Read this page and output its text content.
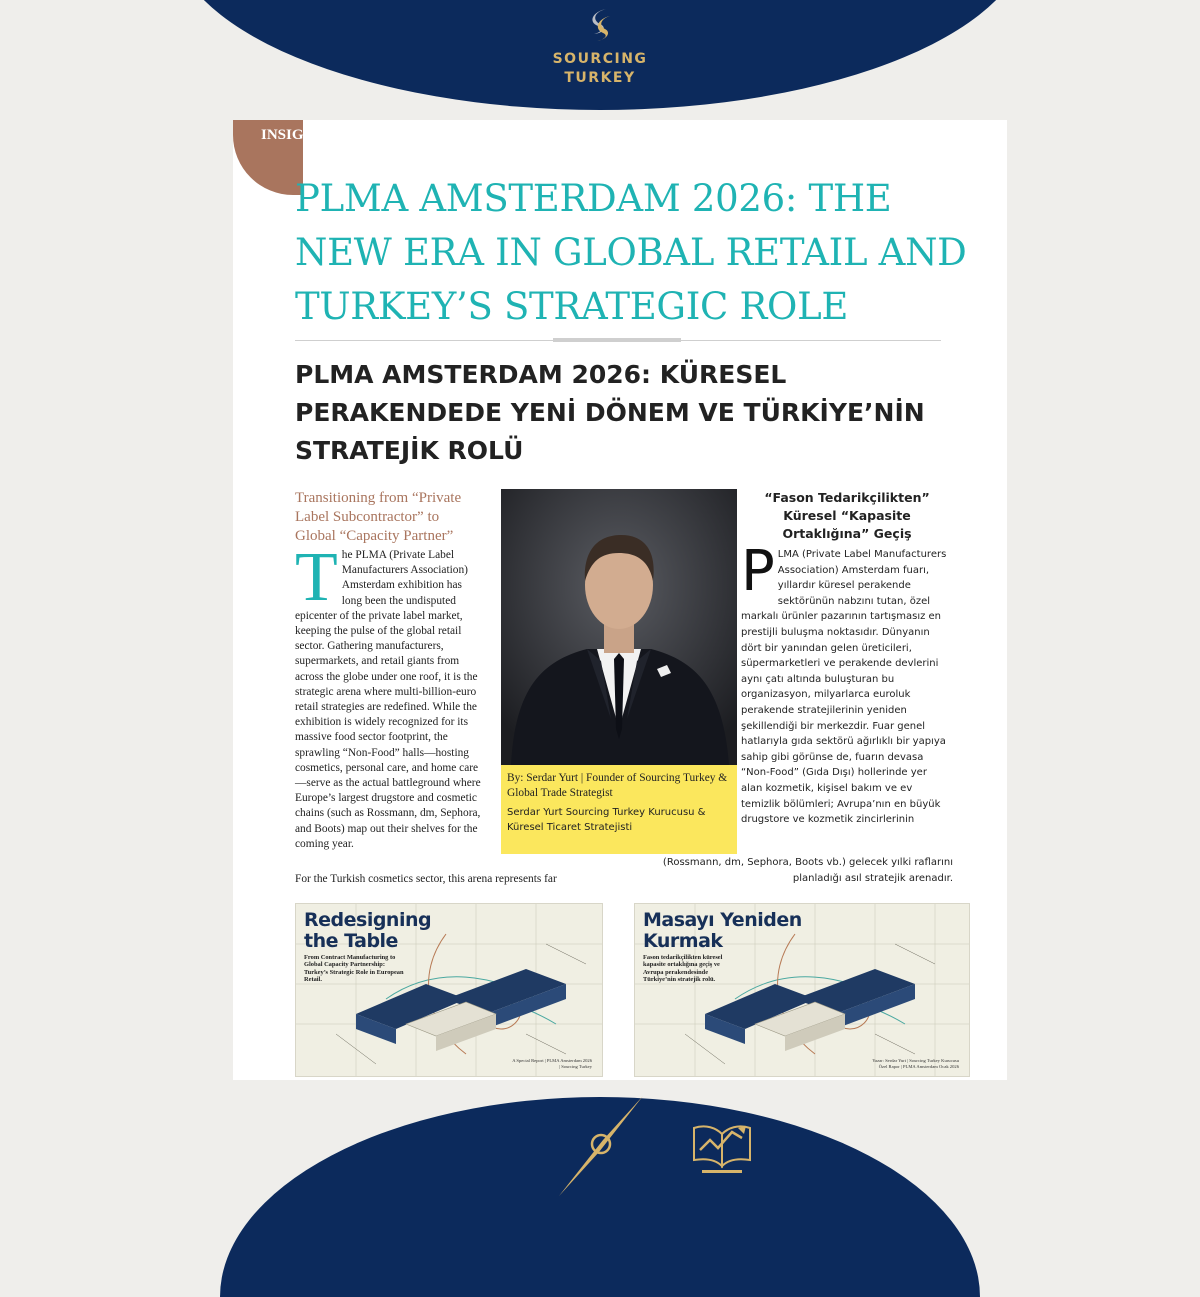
SOURCING
TURKEY
INSIGHTS
PLMA AMSTERDAM 2026: THE NEW ERA IN GLOBAL RETAIL AND TURKEY’S STRATEGIC ROLE
PLMA AMSTERDAM 2026: KÜRESEL PERAKENDEDE YENİ DÖNEM VE TÜRKİYE’NİN STRATEJİK ROLÜ
Transitioning from “Private Label Subcontractor” to Global “Capacity Partner”

The PLMA (Private Label Manufacturers Association) Amsterdam exhibition has long been the undisputed epicenter of the private label market, keeping the pulse of the global retail sector. Gathering manufacturers, supermarkets, and retail giants from across the globe under one roof, it is the strategic arena where multi-billion-euro retail strategies are redefined. While the exhibition is widely recognized for its massive food sector footprint, the sprawling “Non-Food” halls—hosting cosmetics, personal care, and home care—serve as the actual battleground where Europe’s largest drugstore and cosmetic chains (such as Rossmann, dm, Sephora, and Boots) map out their shelves for the coming year.

For the Turkish cosmetics sector, this arena represents far

By: Serdar Yurt | Founder of Sourcing Turkey & Global Trade Strategist

Serdar Yurt Sourcing Turkey Kurucusu & Küresel Ticaret Stratejisti

“Fason Tedarikçilikten” Küresel “Kapasite Ortaklığına” Geçiş

PLMA (Private Label Manufacturers Association) Amsterdam fuarı, yıllardır küresel perakende sektörünün nabzını tutan, özel markalı ürünler pazarının tartışmasız en prestijli buluşma noktasıdır. Dünyanın dört bir yanından gelen üreticileri, süpermarketleri ve perakende devlerini aynı çatı altında buluşturan bu organizasyon, milyarlarca euroluk perakende stratejilerinin yeniden şekillendiği bir merkezdir. Fuar genel hatlarıyla gıda sektörü ağırlıklı bir yapıya sahip gibi görünse de, fuarın devasa “Non-Food” (Gıda Dışı) hollerinde yer alan kozmetik, kişisel bakım ve ev temizlik bölümleri; Avrupa’nın en büyük drugstore ve kozmetik zincirlerinin

(Rossmann, dm, Sephora, Boots vb.) gelecek yılki raflarını planladığı asıl stratejik arenadır.

Redesigning the Table
From Contract Manufacturing to Global Capacity Partnership: Turkey’s Strategic Role in European Retail.
A Special Report | PLMA Amsterdam 2026 | Sourcing Turkey
Masayı Yeniden Kurmak
Fason tedarikçilikten küresel kapasite ortaklığına geçiş ve Avrupa perakendesinde Türkiye’nin stratejik rolü.
Yazar: Serdar Yurt | Sourcing Turkey Kurucusu Özel Rapor | PLMA Amsterdam Ocak 2026
